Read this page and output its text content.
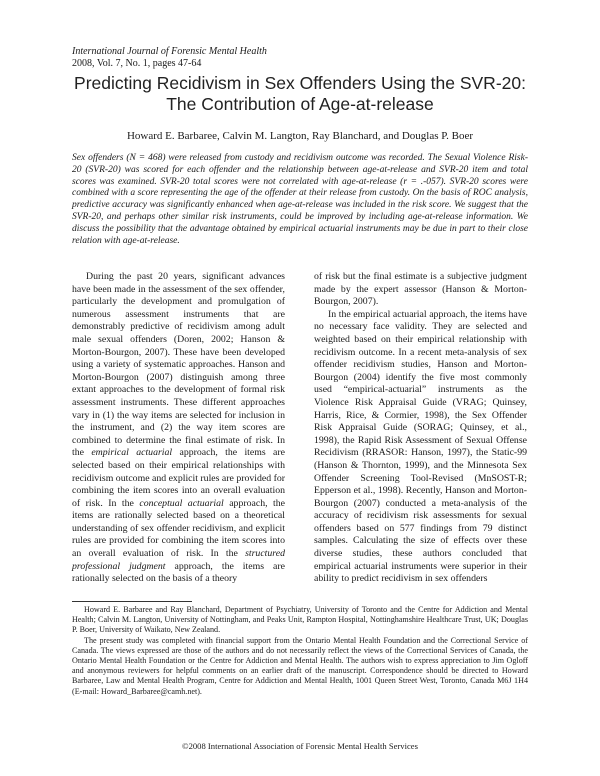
International Journal of Forensic Mental Health
2008, Vol. 7, No. 1, pages 47-64
Predicting Recidivism in Sex Offenders Using the SVR-20:
The Contribution of Age-at-release
Howard E. Barbaree, Calvin M. Langton, Ray Blanchard, and Douglas P. Boer
Sex offenders (N = 468) were released from custody and recidivism outcome was recorded. The Sexual Violence Risk-20 (SVR-20) was scored for each offender and the relationship between age-at-release and SVR-20 item and total scores was examined. SVR-20 total scores were not correlated with age-at-release (r = .-057). SVR-20 scores were combined with a score representing the age of the offender at their release from custody. On the basis of ROC analysis, predictive accuracy was significantly enhanced when age-at-release was included in the risk score. We suggest that the SVR-20, and perhaps other similar risk instruments, could be improved by including age-at-release information. We discuss the possibility that the advantage obtained by empirical actuarial instruments may be due in part to their close relation with age-at-release.

During the past 20 years, significant advances have been made in the assessment of the sex offender, particularly the development and promulgation of numerous assessment instruments that are demonstrably predictive of recidivism among adult male sexual offenders (Doren, 2002; Hanson & Morton-Bourgon, 2007). These have been developed using a variety of systematic approaches. Hanson and Morton-Bourgon (2007) distinguish among three extant approaches to the development of formal risk assessment instruments. These different approaches vary in (1) the way items are selected for inclusion in the instrument, and (2) the way item scores are combined to determine the final estimate of risk. In the empirical actuarial approach, the items are selected based on their empirical relationships with recidivism outcome and explicit rules are provided for combining the item scores into an overall evaluation of risk. In the conceptual actuarial approach, the items are rationally selected based on a theoretical understanding of sex offender recidivism, and explicit rules are provided for combining the item scores into an overall evaluation of risk. In the structured professional judgment approach, the items are rationally selected on the basis of a theory

of risk but the final estimate is a subjective judgment made by the expert assessor (Hanson & Morton-Bourgon, 2007).

In the empirical actuarial approach, the items have no necessary face validity. They are selected and weighted based on their empirical relationship with recidivism outcome. In a recent meta-analysis of sex offender recidivism studies, Hanson and Morton-Bourgon (2004) identify the five most commonly used “empirical-actuarial” instruments as the Violence Risk Appraisal Guide (VRAG; Quinsey, Harris, Rice, & Cormier, 1998), the Sex Offender Risk Appraisal Guide (SORAG; Quinsey, et al., 1998), the Rapid Risk Assessment of Sexual Offense Recidivism (RRASOR: Hanson, 1997), the Static-99 (Hanson & Thornton, 1999), and the Minnesota Sex Offender Screening Tool-Revised (MnSOST-R; Epperson et al., 1998). Recently, Hanson and Morton-Bourgon (2007) conducted a meta-analysis of the accuracy of recidivism risk assessments for sexual offenders based on 577 findings from 79 distinct samples. Calculating the size of effects over these diverse studies, these authors concluded that empirical actuarial instruments were superior in their ability to predict recidivism in sex offenders

Howard E. Barbaree and Ray Blanchard, Department of Psychiatry, University of Toronto and the Centre for Addiction and Mental Health; Calvin M. Langton, University of Nottingham, and Peaks Unit, Rampton Hospital, Nottinghamshire Healthcare Trust, UK; Douglas P. Boer, University of Waikato, New Zealand.

The present study was completed with financial support from the Ontario Mental Health Foundation and the Correctional Service of Canada. The views expressed are those of the authors and do not necessarily reflect the views of the Correctional Services of Canada, the Ontario Mental Health Foundation or the Centre for Addiction and Mental Health. The authors wish to express appreciation to Jim Ogloff and anonymous reviewers for helpful comments on an earlier draft of the manuscript. Correspondence should be directed to Howard Barbaree, Law and Mental Health Program, Centre for Addiction and Mental Health, 1001 Queen Street West, Toronto, Canada M6J 1H4 (E-mail: Howard_Barbaree@camh.net).

©2008 International Association of Forensic Mental Health Services
